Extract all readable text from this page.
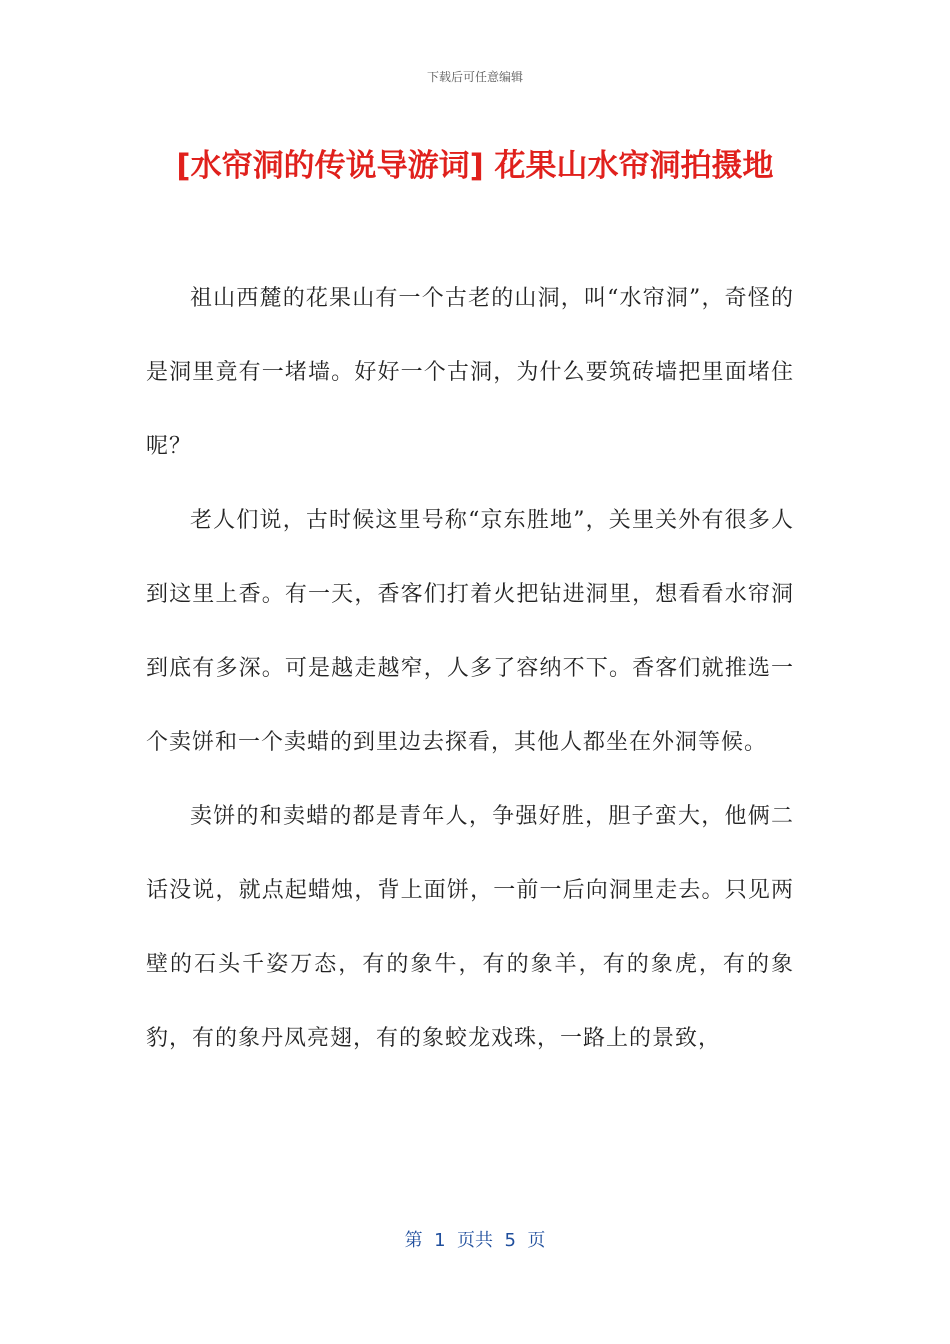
下载后可任意编辑
[水帘洞的传说导游词] 花果山水帘洞拍摄地

祖山西麓的花果山有一个古老的山洞，叫“水帘洞”，奇怪的是洞里竟有一堵墙。好好一个古洞，为什么要筑砖墙把里面堵住呢？

老人们说，古时候这里号称“京东胜地”，关里关外有很多人到这里上香。有一天，香客们打着火把钻进洞里，想看看水帘洞到底有多深。可是越走越窄，人多了容纳不下。香客们就推选一个卖饼和一个卖蜡的到里边去探看，其他人都坐在外洞等候。

卖饼的和卖蜡的都是青年人，争强好胜，胆子蛮大，他俩二话没说，就点起蜡烛，背上面饼，一前一后向洞里走去。只见两壁的石头千姿万态，有的象牛，有的象羊，有的象虎，有的象豹，有的象丹凤亮翅，有的象蛟龙戏珠，一路上的景致，

第  1  页共  5  页
